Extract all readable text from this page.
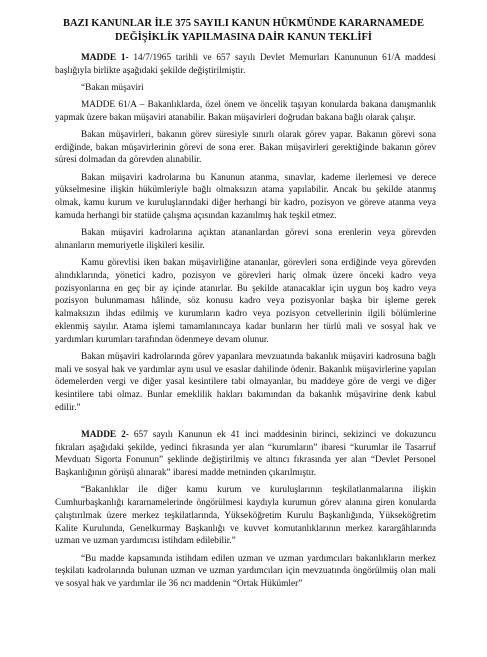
BAZI KANUNLAR İLE 375 SAYILI KANUN HÜKMÜNDE KARARNAMEDE
DEĞİŞİKLİK YAPILMASINA DAİR KANUN TEKLİFİ

MADDE 1- 14/7/1965 tarihli ve 657 sayılı Devlet Memurları Kanununun 61/A maddesi başlığıyla birlikte aşağıdaki şekilde değiştirilmiştir.

“Bakan müşaviri

MADDE 61/A – Bakanlıklarda, özel önem ve öncelik taşıyan konularda bakana danışmanlık yapmak üzere bakan müşaviri atanabilir. Bakan müşavirleri doğrudan bakana bağlı olarak çalışır.

Bakan müşavirleri, bakanın görev süresiyle sınırlı olarak görev yapar. Bakanın görevi sona erdiğinde, bakan müşavirlerinin görevi de sona erer. Bakan müşavirleri gerektiğinde bakanın görev süresi dolmadan da görevden alınabilir.

Bakan müşaviri kadrolarına bu Kanunun atanma, sınavlar, kademe ilerlemesi ve derece yükselmesine ilişkin hükümleriyle bağlı olmaksızın atama yapılabilir. Ancak bu şekilde atanmış olmak, kamu kurum ve kuruluşlarındaki diğer herhangi bir kadro, pozisyon ve göreve atanma veya kamuda herhangi bir statüde çalışma açısından kazanılmış hak teşkil etmez.

Bakan müşaviri kadrolarına açıktan atananlardan görevi sona erenlerin veya görevden alınanların memuriyetle ilişkileri kesilir.

Kamu görevlisi iken bakan müşavirliğine atananlar, görevleri sona erdiğinde veya görevden alındıklarında, yönetici kadro, pozisyon ve görevleri hariç olmak üzere önceki kadro veya pozisyonlarına en geç bir ay içinde atanırlar. Bu şekilde atanacaklar için uygun boş kadro veya pozisyon bulunmaması hâlinde, söz konusu kadro veya pozisyonlar başka bir işleme gerek kalmaksızın ihdas edilmiş ve kurumların kadro veya pozisyon cetvellerinin ilgili bölümlerine eklenmiş sayılır. Atama işlemi tamamlanıncaya kadar bunların her türlü mali ve sosyal hak ve yardımları kurumları tarafından ödenmeye devam olunur.

Bakan müşaviri kadrolarında görev yapanlara mevzuatında bakanlık müşaviri kadrosuna bağlı mali ve sosyal hak ve yardımlar aynı usul ve esaslar dahilinde ödenir. Bakanlık müşavirlerine yapılan ödemelerden vergi ve diğer yasal kesintilere tabi olmayanlar, bu maddeye göre de vergi ve diğer kesintilere tabi olmaz. Bunlar emeklilik hakları bakımından da bakanlık müşavirine denk kabul edilir.”

MADDE 2- 657 sayılı Kanunun ek 41 inci maddesinin birinci, sekizinci ve dokuzuncu fıkraları aşağıdaki şekilde, yedinci fıkrasında yer alan “kurumların” ibaresi “kurumlar ile Tasarruf Mevduatı Sigorta Fonunun” şeklinde değiştirilmiş ve altıncı fıkrasında yer alan “Devlet Personel Başkanlığının görüşü alınarak” ibaresi madde metninden çıkarılmıştır.

“Bakanlıklar ile diğer kamu kurum ve kuruluşlarının teşkilatlanmalarına ilişkin Cumhurbaşkanlığı kararnamelerinde öngörülmesi kaydıyla kurumun görev alanına giren konularda çalıştırılmak üzere merkez teşkilatlarında, Yükseköğretim Kurulu Başkanlığında, Yükseköğretim Kalite Kurulunda, Genelkurmay Başkanlığı ve kuvvet komutanlıklarının merkez karargâhlarında uzman ve uzman yardımcısı istihdam edilebilir.”

“Bu madde kapsamında istihdam edilen uzman ve uzman yardımcıları bakanlıkların merkez teşkilatı kadrolarında bulunan uzman ve uzman yardımcıları için mevzuatında öngörülmüş olan mali ve sosyal hak ve yardımlar ile 36 ncı maddenin “Ortak Hükümler”
